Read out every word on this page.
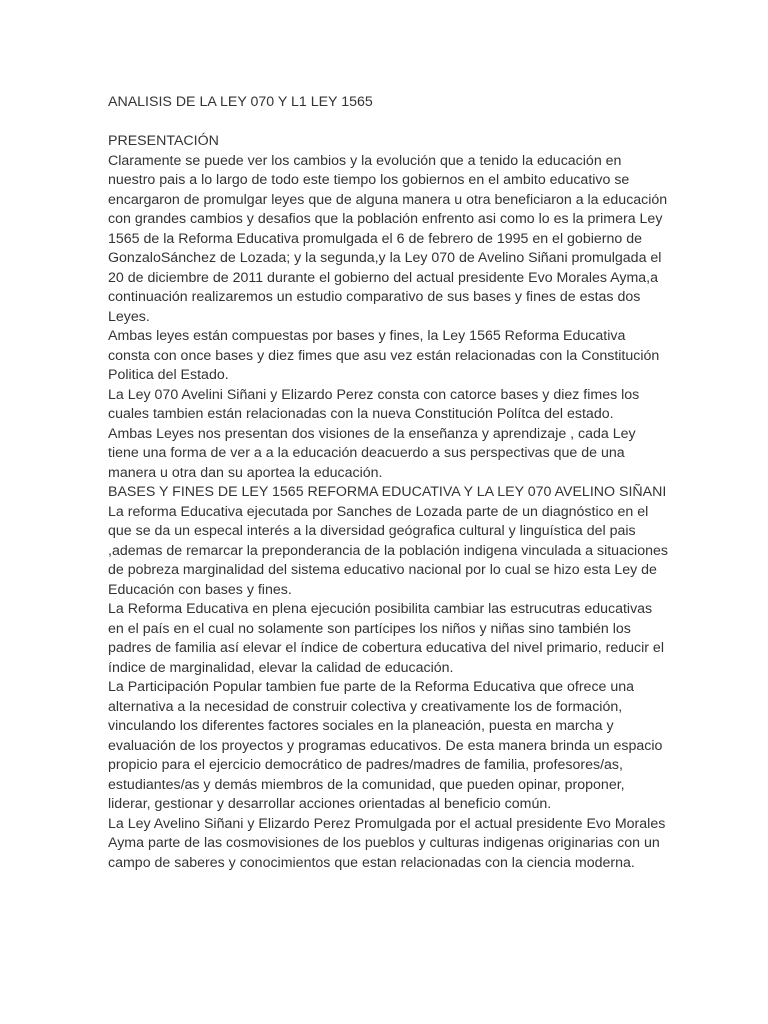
ANALISIS DE LA LEY 070 Y L1 LEY 1565
PRESENTACIÓN
Claramente se puede ver los cambios y la evolución que a tenido la educación en nuestro pais a lo largo de todo este tiempo los gobiernos en el ambito educativo se encargaron de promulgar leyes que de alguna manera u otra beneficiaron a la educación con grandes cambios y desafios que la población enfrento asi como lo es la primera Ley 1565 de la Reforma Educativa promulgada el 6 de febrero de 1995 en el gobierno de GonzaloSánchez de Lozada; y la segunda,y la Ley 070 de Avelino Siñani promulgada el 20 de diciembre de 2011 durante el gobierno del actual presidente Evo Morales Ayma,a continuación realizaremos un estudio comparativo de sus bases y fines de estas dos Leyes.
Ambas leyes están compuestas por bases y fines, la Ley 1565 Reforma Educativa consta con once bases y diez fimes que asu vez están relacionadas con la Constitución Politica del Estado.
La Ley 070 Avelini Siñani y Elizardo Perez consta con catorce bases y diez fimes los cuales tambien están relacionadas con la nueva Constitución Polítca del estado.
Ambas Leyes nos presentan dos visiones de la enseñanza y aprendizaje , cada Ley tiene una forma de ver a a la educación deacuerdo a sus perspectivas que de una manera u otra dan su aportea la educación.
BASES Y FINES DE LEY 1565 REFORMA EDUCATIVA Y LA LEY 070 AVELINO SIÑANI
La reforma Educativa ejecutada por Sanches de Lozada parte de un diagnóstico en el que se da un especal interés a la diversidad geógrafica cultural y linguística del pais ,ademas de remarcar la preponderancia de la población indigena vinculada a situaciones de pobreza marginalidad del sistema educativo nacional por lo cual se hizo esta Ley de Educación con bases y fines.
La Reforma Educativa en plena ejecución posibilita cambiar las estrucutras educativas en el país en el cual no solamente son partícipes los niños y niñas sino también los padres de familia así elevar el índice de cobertura educativa del nivel primario, reducir el índice de marginalidad, elevar la calidad de educación.
La Participación Popular tambien fue parte de la Reforma Educativa que ofrece una alternativa a la necesidad de construir colectiva y creativamente los de formación, vinculando los diferentes factores sociales en la planeación, puesta en marcha y evaluación de los proyectos y programas educativos. De esta manera brinda un espacio propicio para el ejercicio democrático de padres/madres de familia, profesores/as, estudiantes/as y demás miembros de la comunidad, que pueden opinar, proponer, liderar, gestionar y desarrollar acciones orientadas al beneficio común.
La Ley Avelino Siñani y Elizardo Perez Promulgada por el actual presidente Evo Morales Ayma parte de las cosmovisiones de los pueblos y culturas indigenas originarias con un campo de saberes y conocimientos que estan relacionadas con la ciencia moderna.
